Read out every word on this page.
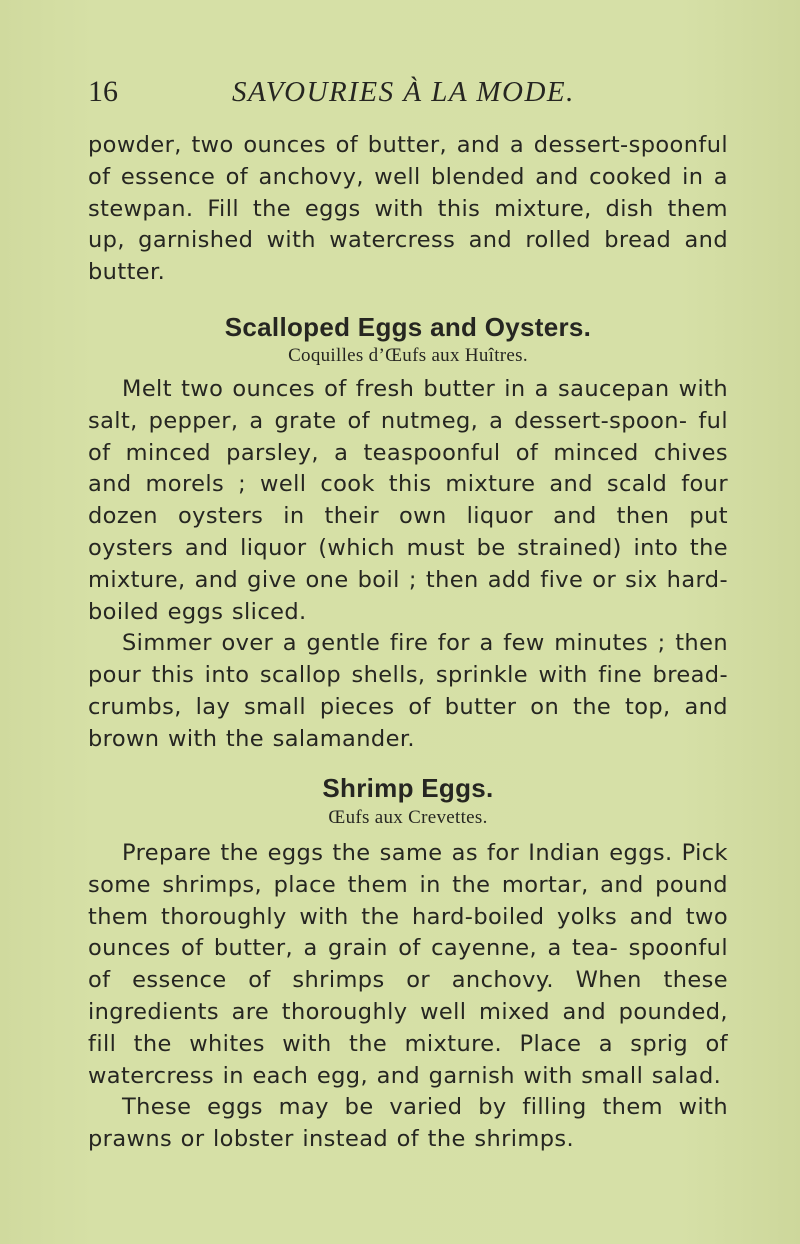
16	SAVOURIES À LA MODE.

powder, two ounces of butter, and a dessert-spoonful of essence of anchovy, well blended and cooked in a stewpan. Fill the eggs with this mixture, dish them up, garnished with watercress and rolled bread and butter.

Scalloped Eggs and Oysters.
Coquilles d’Œufs aux Huîtres.

Melt two ounces of fresh butter in a saucepan with salt, pepper, a grate of nutmeg, a dessert-spoon- ful of minced parsley, a teaspoonful of minced chives and morels ; well cook this mixture and scald four dozen oysters in their own liquor and then put oysters and liquor (which must be strained) into the mixture, and give one boil ; then add five or six hard-boiled eggs sliced.

Simmer over a gentle fire for a few minutes ; then pour this into scallop shells, sprinkle with fine bread-crumbs, lay small pieces of butter on the top, and brown with the salamander.

Shrimp Eggs.
Œufs aux Crevettes.

Prepare the eggs the same as for Indian eggs. Pick some shrimps, place them in the mortar, and pound them thoroughly with the hard-boiled yolks and two ounces of butter, a grain of cayenne, a tea- spoonful of essence of shrimps or anchovy. When these ingredients are thoroughly well mixed and pounded, fill the whites with the mixture. Place a sprig of watercress in each egg, and garnish with small salad.

These eggs may be varied by filling them with prawns or lobster instead of the shrimps.
